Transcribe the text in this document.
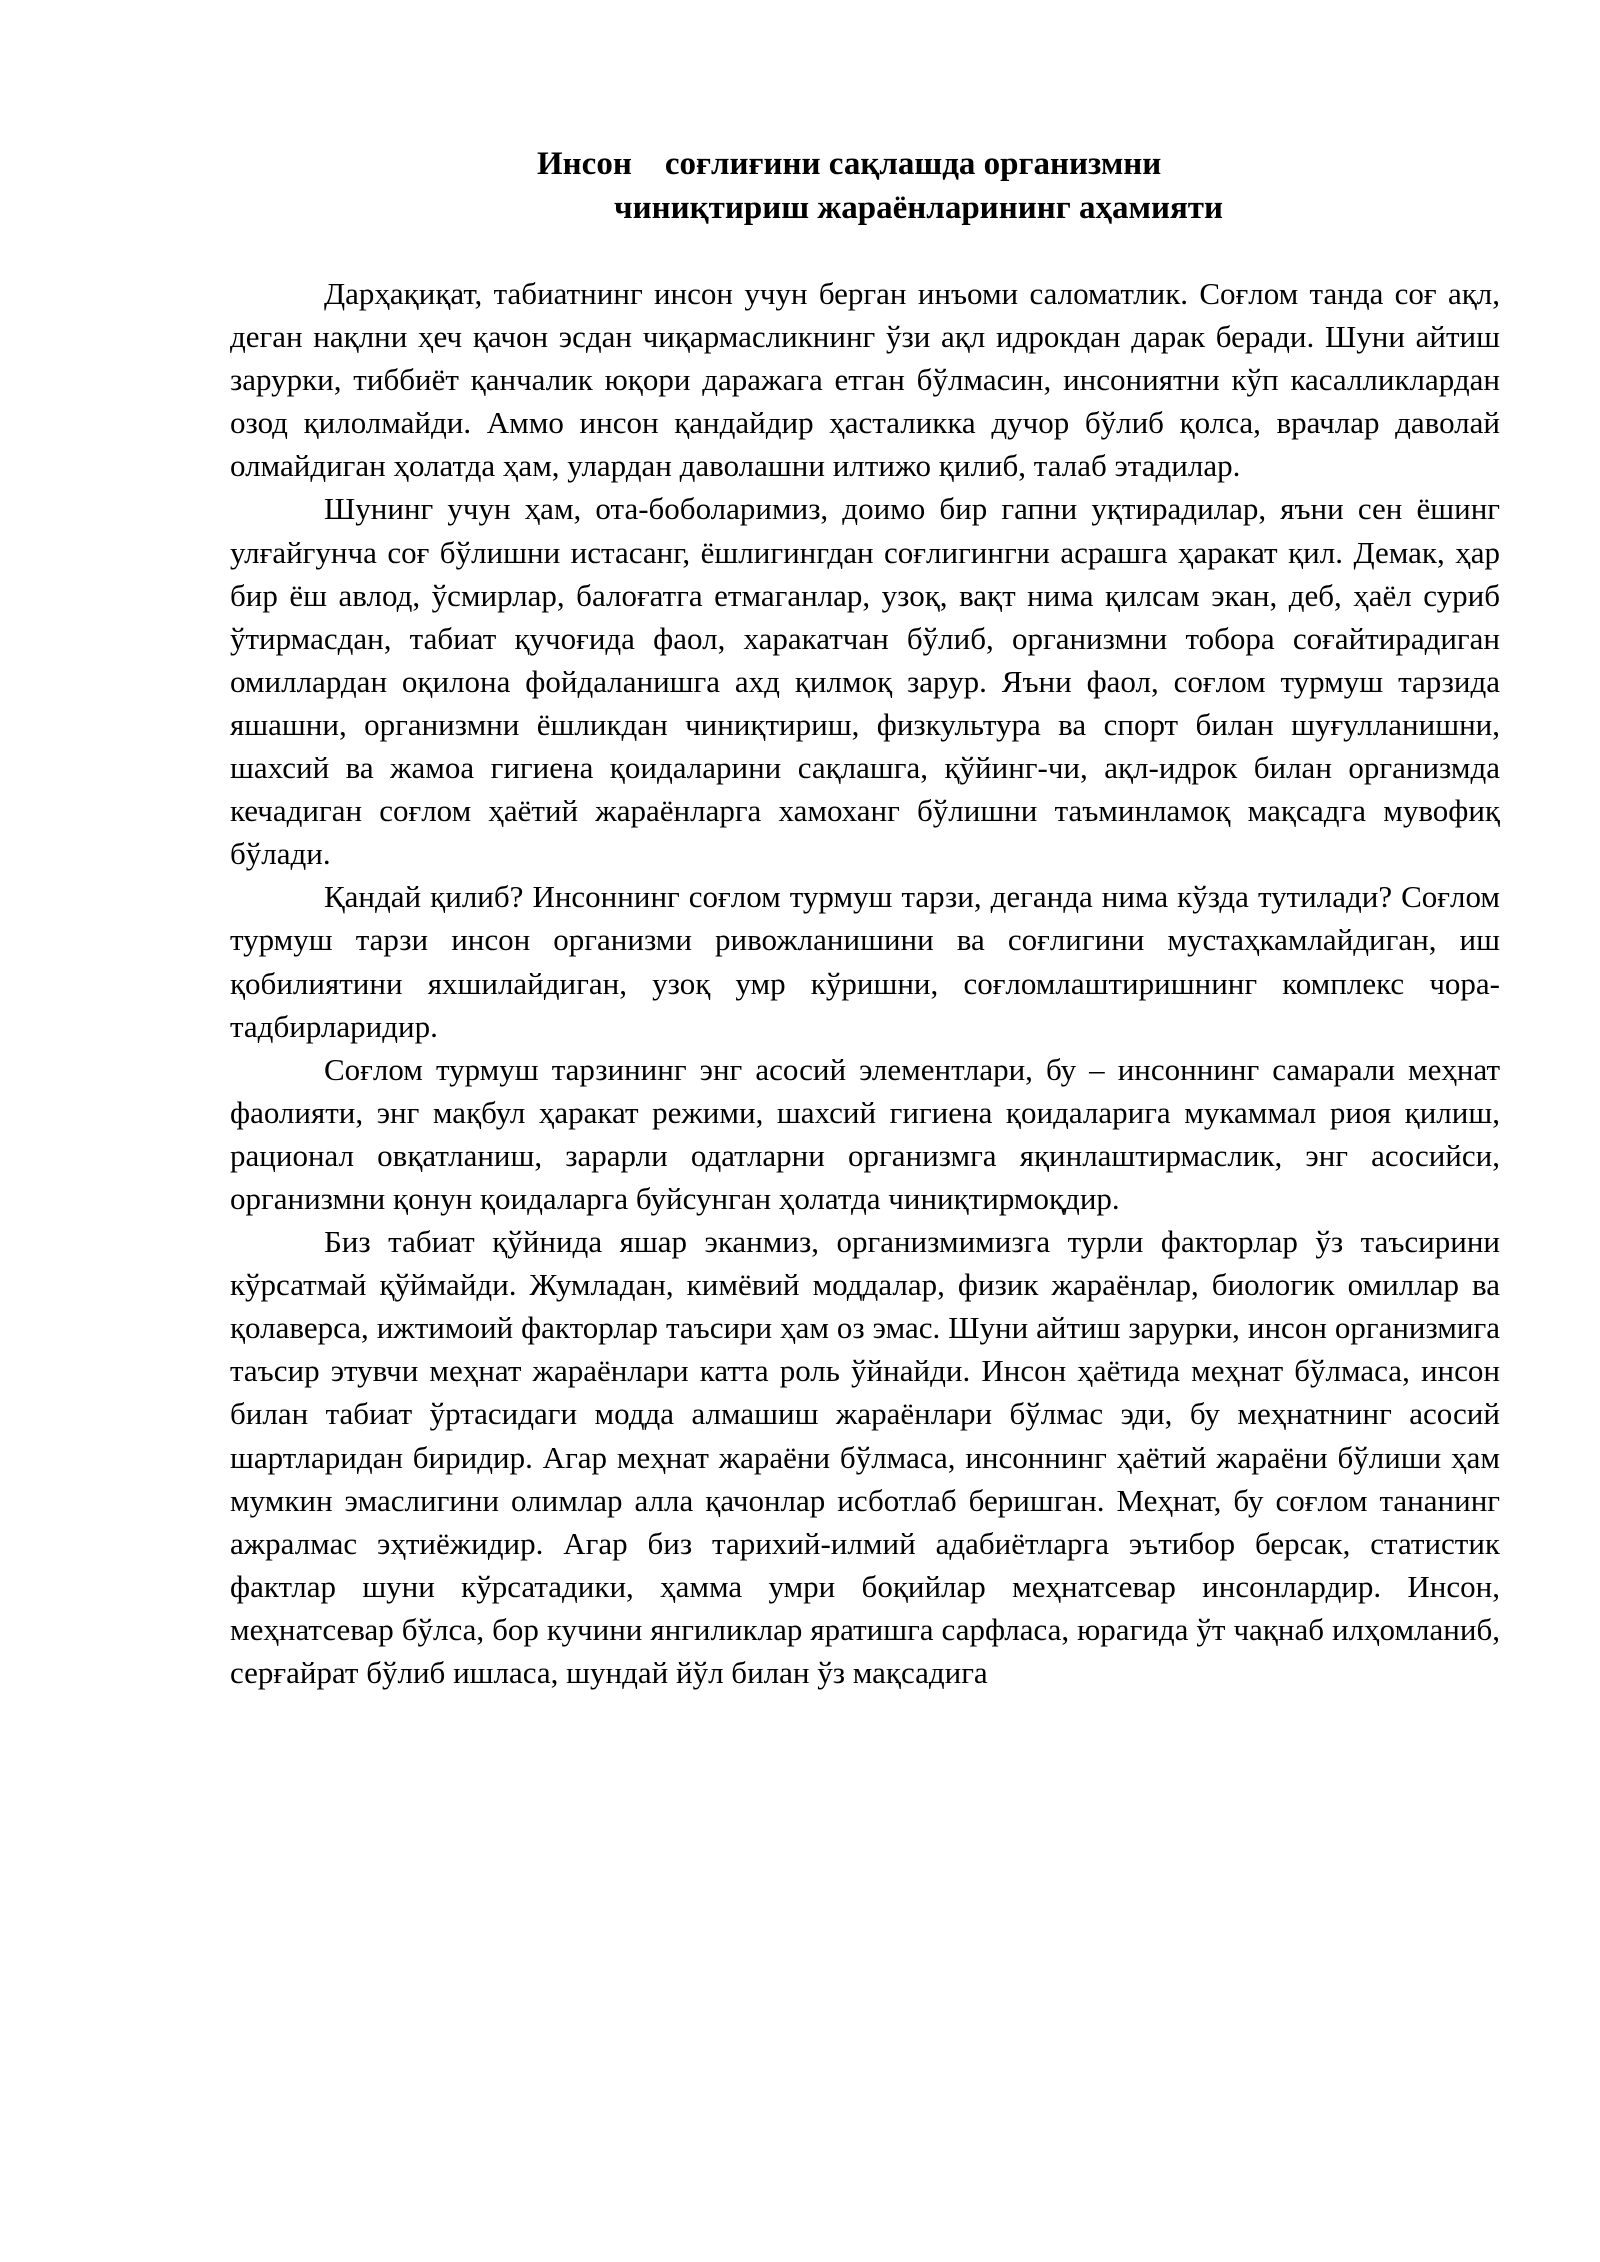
Инсон    соғлиғини сақлашда организмни
чиниқтириш жараёнларининг аҳамияти

Дарҳақиқат, табиатнинг инсон учун берган инъоми саломатлик. Соғлом танда соғ ақл, деган нақлни ҳеч қачон эсдан чиқармасликнинг ўзи ақл идрокдан дарак беради. Шуни айтиш зарурки, тиббиёт қанчалик юқори даражага етган бўлмасин, инсониятни кўп касалликлардан озод қилолмайди. Аммо инсон қандайдир ҳасталикка дучор бўлиб қолса, врачлар даволай олмайдиган ҳолатда ҳам, улардан даволашни илтижо қилиб, талаб этадилар.

Шунинг учун ҳам, ота-боболаримиз, доимо бир гапни уқтирадилар, яъни сен ёшинг улғайгунча соғ бўлишни истасанг, ёшлигингдан соғлигингни асрашга ҳаракат қил. Демак, ҳар бир ёш авлод, ўсмирлар, балоғатга етмаганлар, узоқ, вақт нима қилсам экан, деб, ҳаёл суриб ўтирмасдан, табиат қучоғида фаол, харакатчан бўлиб, организмни тобора соғайтирадиган омиллардан оқилона фойдаланишга ахд қилмоқ зарур. Яъни фаол, соғлом турмуш тарзида яшашни, организмни ёшликдан чиниқтириш, физкультура ва спорт билан шуғулланишни, шахсий ва жамоа гигиена қоидаларини сақлашга, қўйинг-чи, ақл-идрок билан организмда кечадиган соғлом ҳаётий жараёнларга хамоханг бўлишни таъминламоқ мақсадга мувофиқ бўлади.

Қандай қилиб? Инсоннинг соғлом турмуш тарзи, деганда нима кўзда тутилади? Соғлом турмуш тарзи инсон организми ривожланишини ва соғлигини мустаҳкамлайдиган, иш қобилиятини яхшилайдиган, узоқ умр кўришни, соғломлаштиришнинг комплекс чора-тадбирларидир.

Соғлом турмуш тарзининг энг асосий элементлари, бу – инсоннинг самарали меҳнат фаолияти, энг мақбул ҳаракат режими, шахсий гигиена қоидаларига мукаммал риоя қилиш, рационал овқатланиш, зарарли одатларни организмга яқинлаштирмаслик, энг асосийси, организмни қонун қоидаларга буйсунган ҳолатда чиниқтирмоқдир.

Биз табиат қўйнида яшар эканмиз, организмимизга турли факторлар ўз таъсирини кўрсатмай қўймайди. Жумладан, кимёвий моддалар, физик жараёнлар, биологик омиллар ва қолаверса, ижтимоий факторлар таъсири ҳам оз эмас. Шуни айтиш зарурки, инсон организмига таъсир этувчи меҳнат жараёнлари катта роль ўйнайди. Инсон ҳаётида меҳнат бўлмаса, инсон билан табиат ўртасидаги модда алмашиш жараёнлари бўлмас эди, бу меҳнатнинг асосий шартларидан биридир. Агар меҳнат жараёни бўлмаса, инсоннинг ҳаётий жараёни бўлиши ҳам мумкин эмаслигини олимлар алла қачонлар исботлаб беришган. Меҳнат, бу соғлом тананинг ажралмас эҳтиёжидир. Агар биз тарихий-илмий адабиётларга эътибор берсак, статистик фактлар шуни кўрсатадики, ҳамма умри боқийлар меҳнатсевар инсонлардир. Инсон, меҳнатсевар бўлса, бор кучини янгиликлар яратишга сарфласа, юрагида ўт чақнаб илҳомланиб, серғайрат бўлиб ишласа, шундай йўл билан ўз мақсадига
